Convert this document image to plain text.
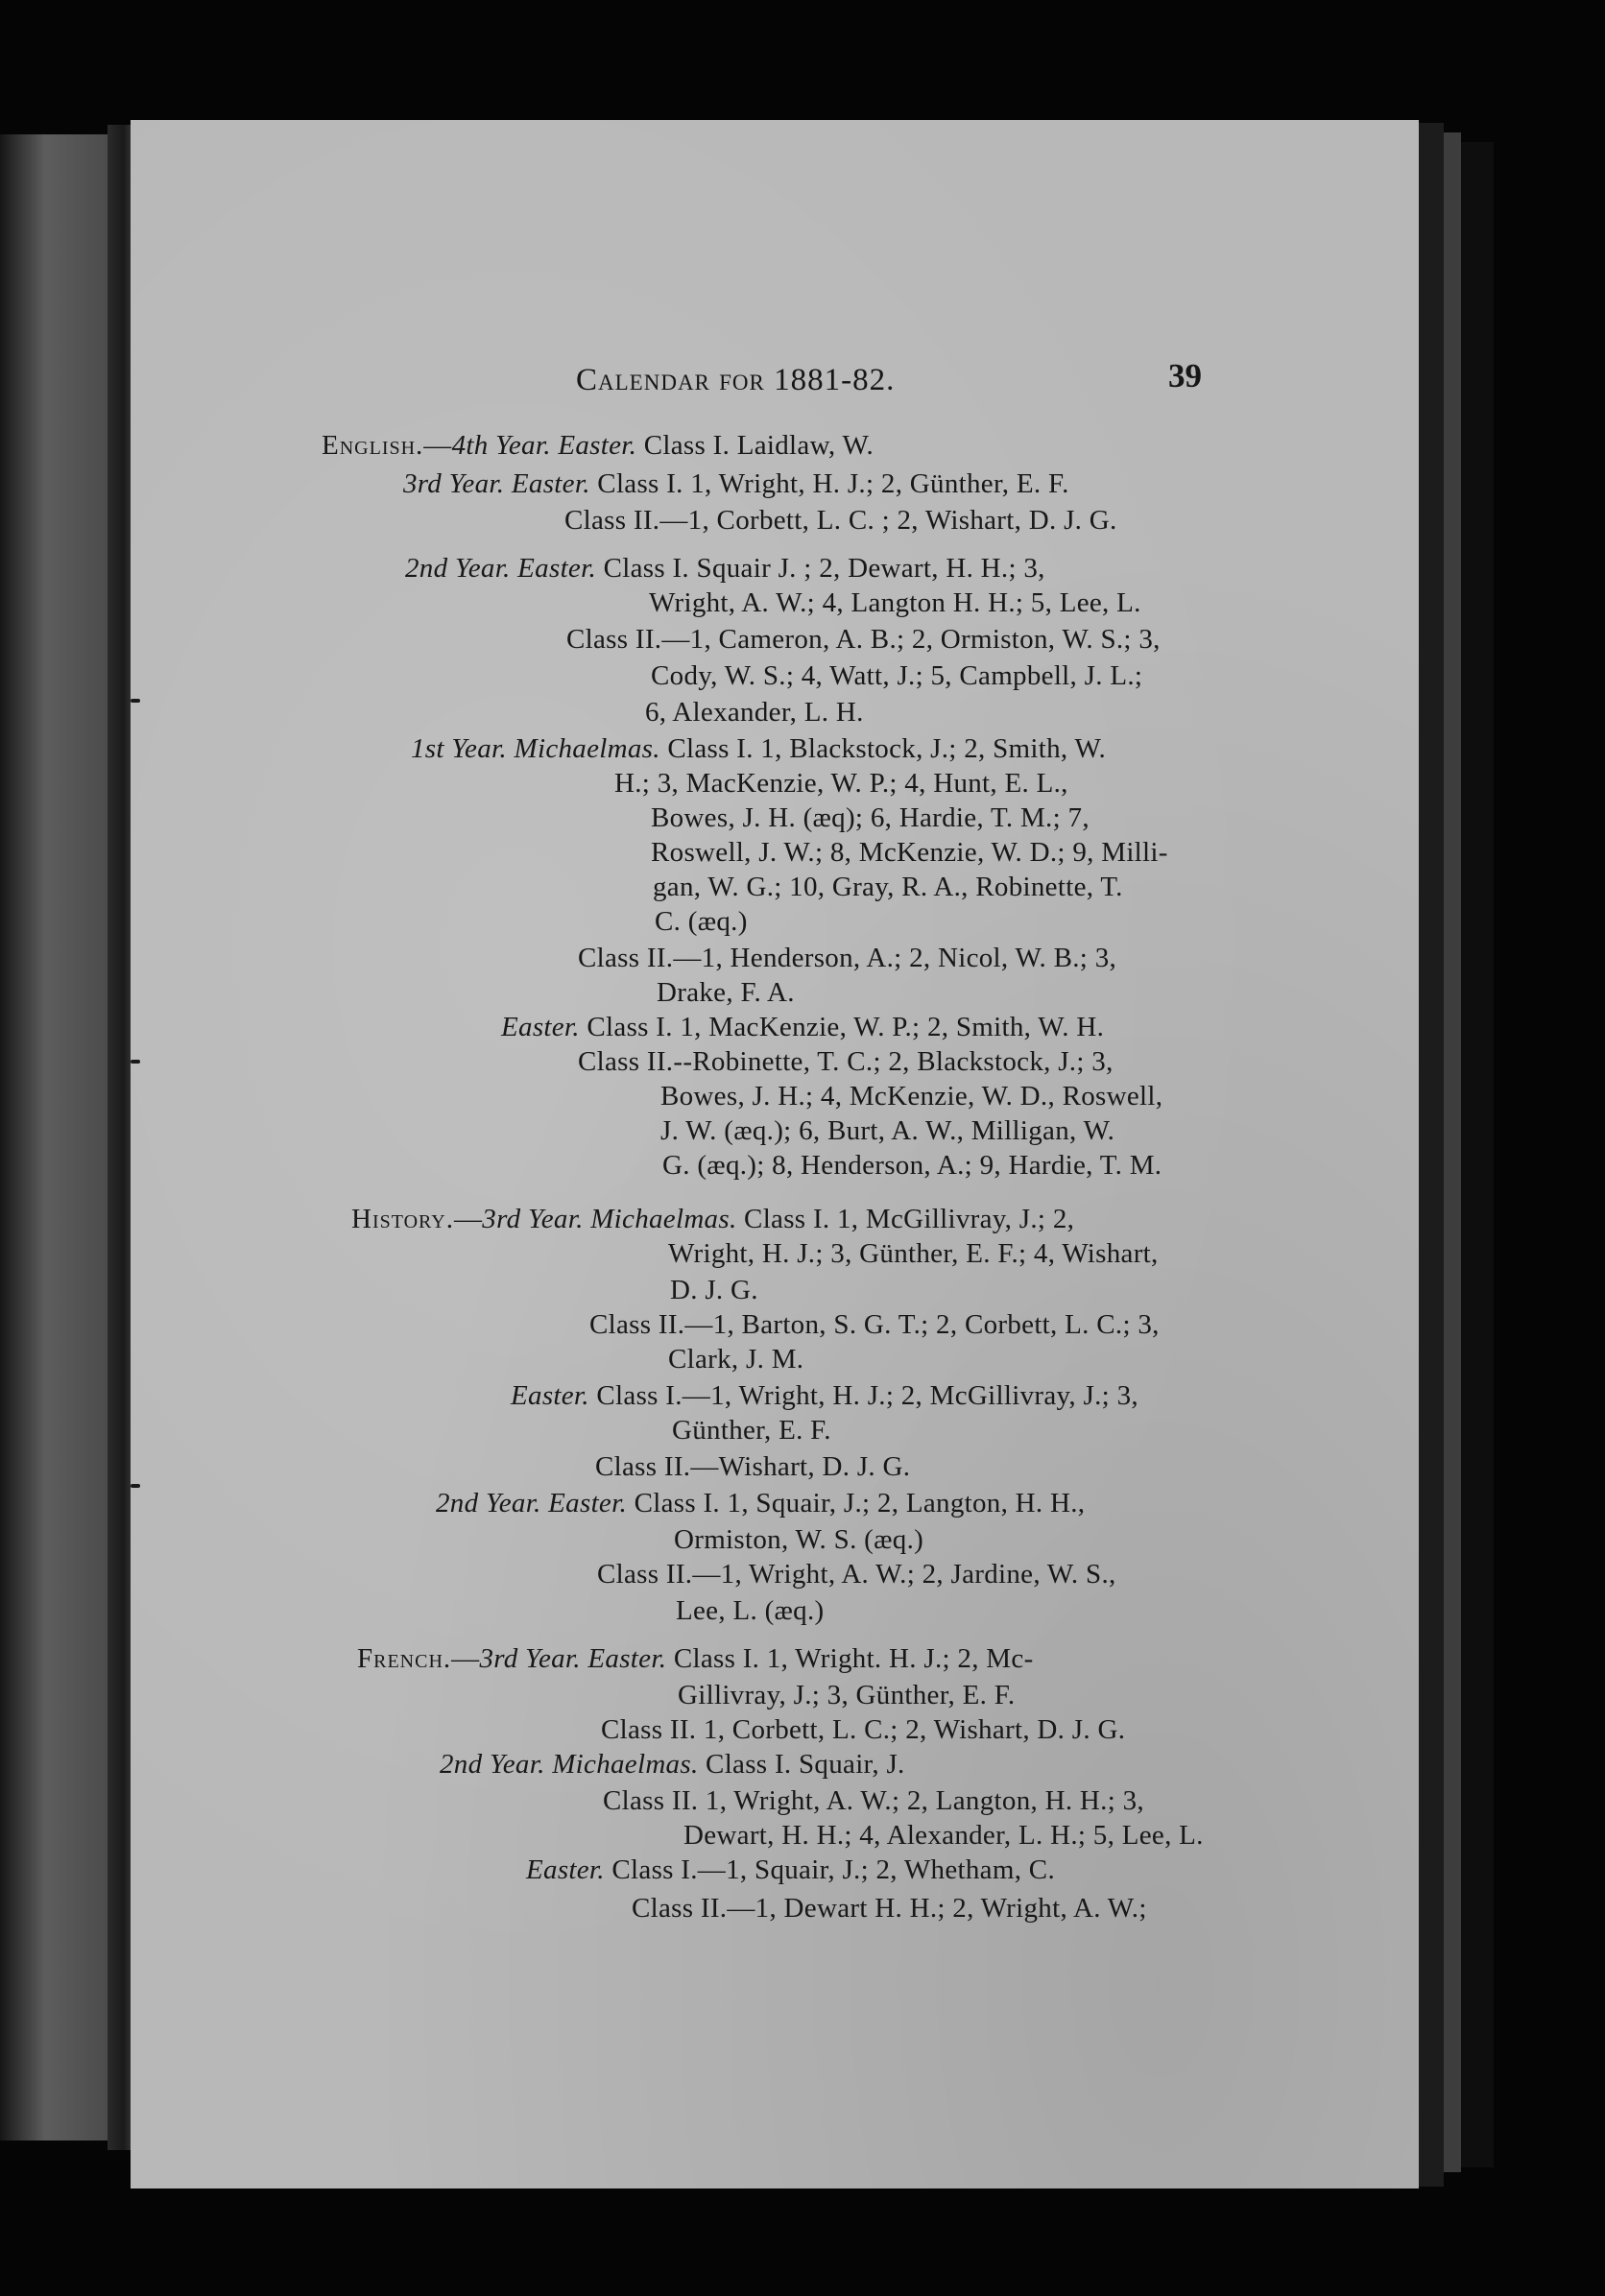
Calendar for 1881-82.	39
English.—4th Year. Easter. Class I. Laidlaw, W.
3rd Year. Easter. Class I. 1, Wright, H. J.; 2, Günther, E. F.
Class II.—1, Corbett, L. C. ; 2, Wishart, D. J. G.
2nd Year. Easter. Class I. Squair J. ; 2, Dewart, H. H.; 3,
Wright, A. W.; 4, Langton H. H.; 5, Lee, L.
Class II.—1, Cameron, A. B.; 2, Ormiston, W. S.; 3,
Cody, W. S.; 4, Watt, J.; 5, Campbell, J. L.;
6, Alexander, L. H.
1st Year. Michaelmas. Class I. 1, Blackstock, J.; 2, Smith, W.
H.; 3, MacKenzie, W. P.; 4, Hunt, E. L.,
Bowes, J. H. (æq); 6, Hardie, T. M.; 7,
Roswell, J. W.; 8, McKenzie, W. D.; 9, Milli-
gan, W. G.; 10, Gray, R. A., Robinette, T.
C. (æq.)
Class II.—1, Henderson, A.; 2, Nicol, W. B.; 3,
Drake, F. A.
Easter. Class I. 1, MacKenzie, W. P.; 2, Smith, W. H.
Class II.--Robinette, T. C.; 2, Blackstock, J.; 3,
Bowes, J. H.; 4, McKenzie, W. D., Roswell,
J. W. (æq.); 6, Burt, A. W., Milligan, W.
G. (æq.); 8, Henderson, A.; 9, Hardie, T. M.
History.—3rd Year. Michaelmas. Class I. 1, McGillivray, J.; 2,
Wright, H. J.; 3, Günther, E. F.; 4, Wishart,
D. J. G.
Class II.—1, Barton, S. G. T.; 2, Corbett, L. C.; 3,
Clark, J. M.
Easter. Class I.—1, Wright, H. J.; 2, McGillivray, J.; 3,
Günther, E. F.
Class II.—Wishart, D. J. G.
2nd Year. Easter. Class I. 1, Squair, J.; 2, Langton, H. H.,
Ormiston, W. S. (æq.)
Class II.—1, Wright, A. W.; 2, Jardine, W. S.,
Lee, L. (æq.)
French.—3rd Year. Easter. Class I. 1, Wright. H. J.; 2, Mc-
Gillivray, J.; 3, Günther, E. F.
Class II. 1, Corbett, L. C.; 2, Wishart, D. J. G.
2nd Year. Michaelmas. Class I. Squair, J.
Class II. 1, Wright, A. W.; 2, Langton, H. H.; 3,
Dewart, H. H.; 4, Alexander, L. H.; 5, Lee, L.
Easter. Class I.—1, Squair, J.; 2, Whetham, C.
Class II.—1, Dewart H. H.; 2, Wright, A. W.;
